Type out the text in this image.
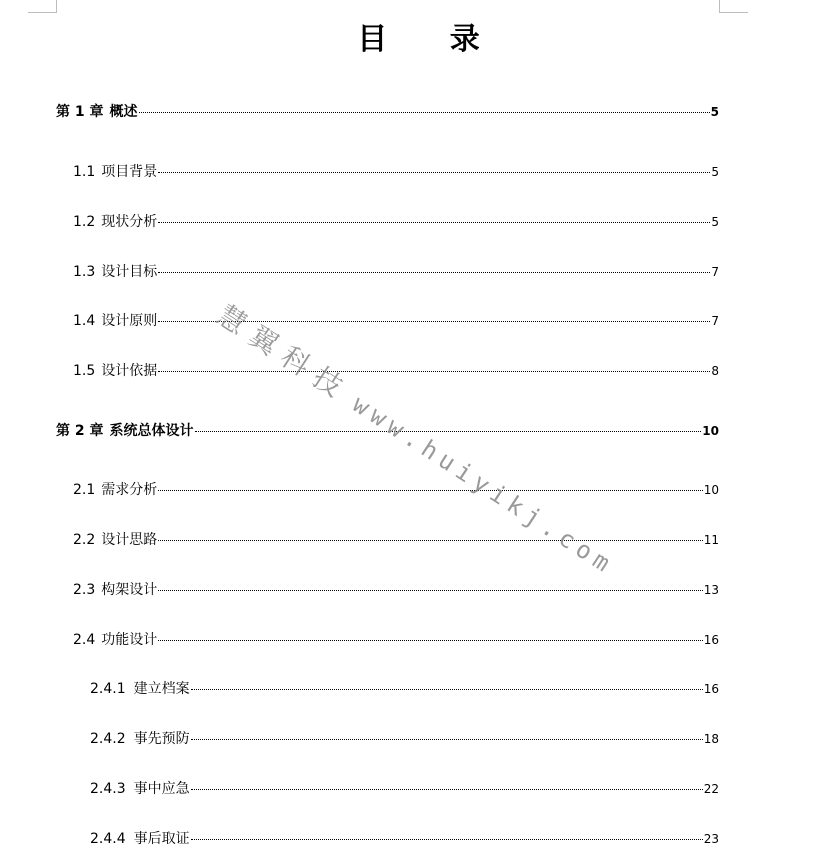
目 录
第 1 章 概述	5
1.1 项目背景	5
1.2 现状分析	5
1.3 设计目标	7
1.4 设计原则	7
1.5 设计依据	8
第 2 章 系统总体设计	10
2.1 需求分析	10
2.2 设计思路	11
2.3 构架设计	13
2.4 功能设计	16
2.4.1 建立档案	16
2.4.2 事先预防	18
2.4.3 事中应急	22
2.4.4 事后取证	23
慧翼科技www.huiyikj.com
